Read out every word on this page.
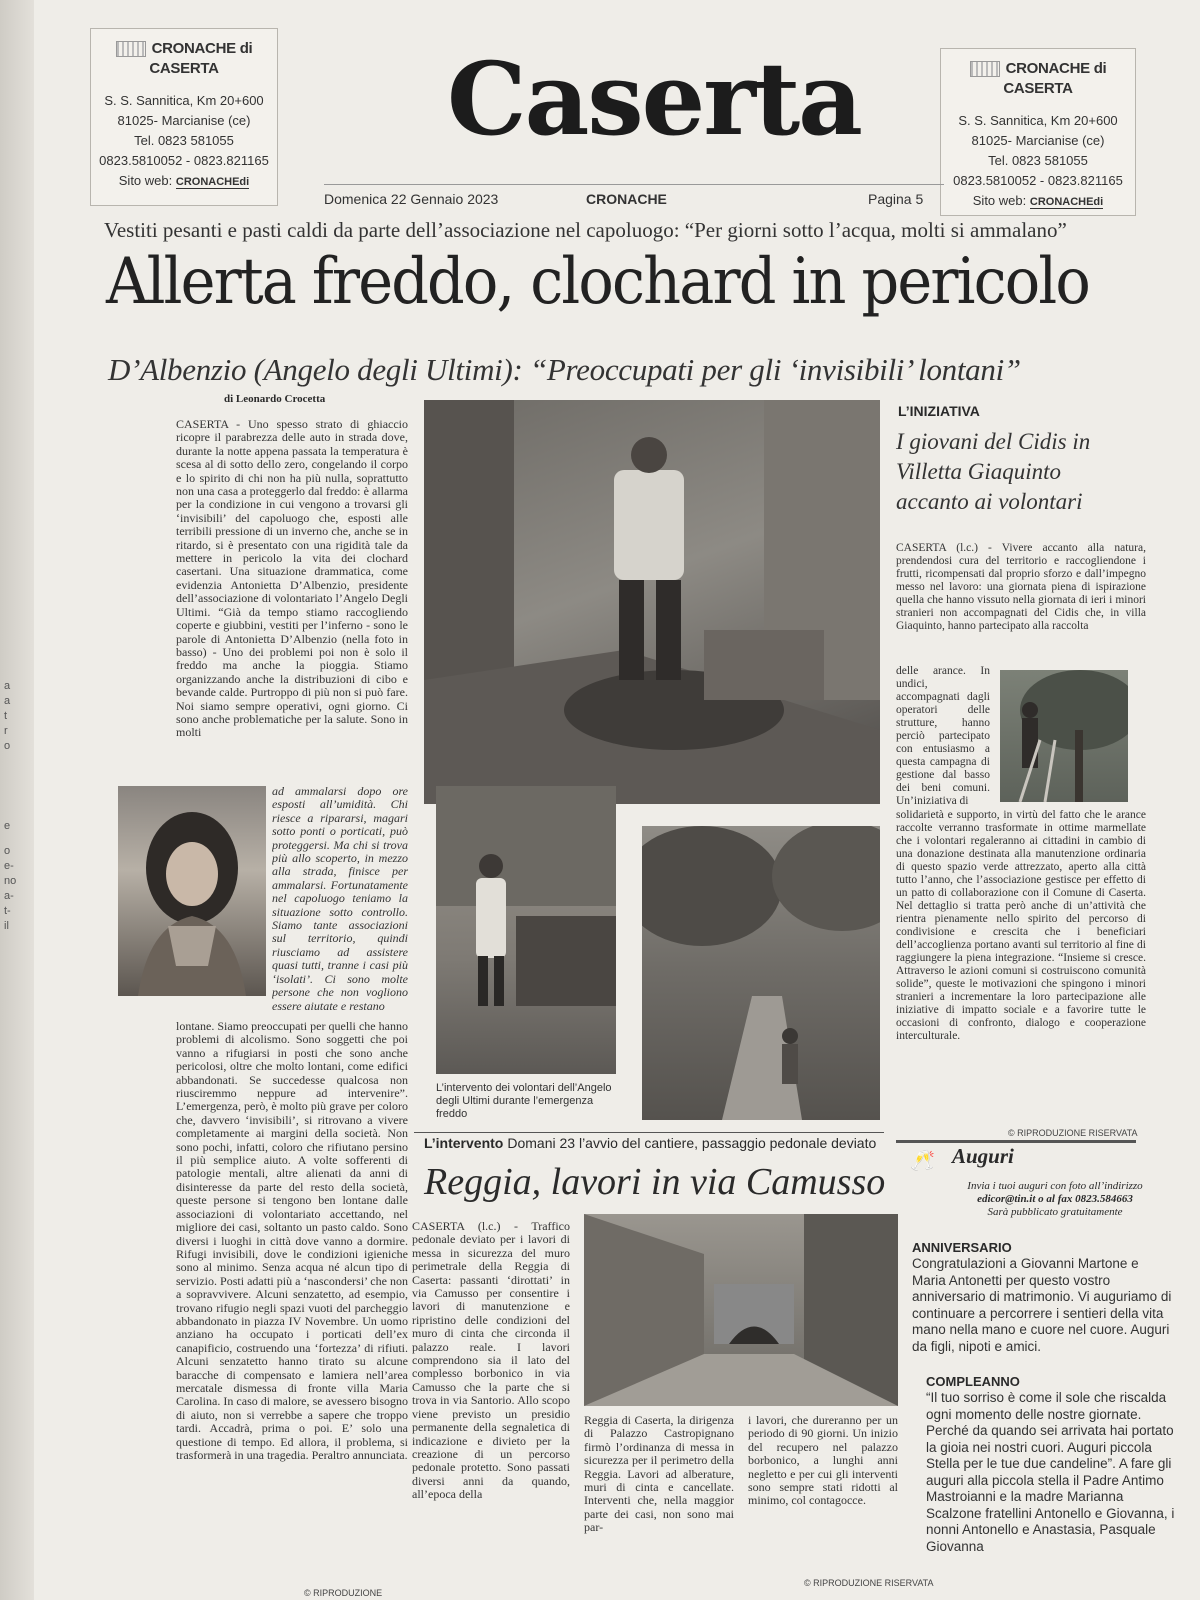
a
a
t
r
o
e
o
e-
no
a-
t-
il
CRONACHE di CASERTA
S. S. Sannitica, Km 20+600
81025- Marcianise (ce)
Tel. 0823 581055
0823.5810052 - 0823.821165
Sito web: CRONACHEdi
CRONACHE di CASERTA
S. S. Sannitica, Km 20+600
81025- Marcianise (ce)
Tel. 0823 581055
0823.5810052 - 0823.821165
Sito web: CRONACHEdi
Caserta
Domenica 22 Gennaio 2023	CRONACHE	Pagina 5
Vestiti pesanti e pasti caldi da parte dell’associazione nel capoluogo: “Per giorni sotto l’acqua, molti si ammalano”
Allerta freddo, clochard in pericolo
D’Albenzio (Angelo degli Ultimi): “Preoccupati per gli ‘invisibili’ lontani”
di Leonardo Crocetta
CASERTA - Uno spesso strato di ghiaccio ricopre il parabrezza delle auto in strada dove, durante la notte appena passata la temperatura è scesa al di sotto dello zero, congelando il corpo e lo spirito di chi non ha più nulla, soprattutto non una casa a proteggerlo dal freddo: è allarma per la condizione in cui vengono a trovarsi gli ‘invisibili’ del capoluogo che, esposti alle terribili pressione di un inverno che, anche se in ritardo, si è presentato con una rigidità tale da mettere in pericolo la vita dei clochard casertani. Una situazione drammatica, come evidenzia Antonietta D’Albenzio, presidente dell’associazione di volontariato l’Angelo Degli Ultimi. “Già da tempo stiamo raccogliendo coperte e giubbini, vestiti per l’inferno - sono le parole di Antonietta D’Albenzio (nella foto in basso) - Uno dei problemi poi non è solo il freddo ma anche la pioggia. Stiamo organizzando anche la distribuzioni di cibo e bevande calde. Purtroppo di più non si può fare. Noi siamo sempre operativi, ogni giorno. Ci sono anche problematiche per la salute. Sono in molti
ad ammalarsi dopo ore esposti all’umidità. Chi riesce a ripararsi, magari sotto ponti o porticati, può proteggersi. Ma chi si trova più allo scoperto, in mezzo alla strada, finisce per ammalarsi. Fortunatamente nel capoluogo teniamo la situazione sotto controllo. Siamo tante associazioni sul territorio, quindi riusciamo ad assistere quasi tutti, tranne i casi più ‘isolati’. Ci sono molte persone che non vogliono essere aiutate e restano
lontane. Siamo preoccupati per quelli che hanno problemi di alcolismo. Sono soggetti che poi vanno a rifugiarsi in posti che sono anche pericolosi, oltre che molto lontani, come edifici abbandonati. Se succedesse qualcosa non riusciremmo neppure ad intervenire”. L’emergenza, però, è molto più grave per coloro che, davvero ‘invisibili’, si ritrovano a vivere completamente ai margini della società. Non sono pochi, infatti, coloro che rifiutano persino il più semplice aiuto. A volte sofferenti di patologie mentali, altre alienati da anni di disinteresse da parte del resto della società, queste persone si tengono ben lontane dalle associazioni di volontariato accettando, nel migliore dei casi, soltanto un pasto caldo. Sono diversi i luoghi in città dove vanno a dormire. Rifugi invisibili, dove le condizioni igieniche sono al minimo. Senza acqua né alcun tipo di servizio. Posti adatti più a ‘nascondersi’ che non a sopravvivere. Alcuni senzatetto, ad esempio, trovano rifugio negli spazi vuoti del parcheggio abbandonato in piazza IV Novembre. Un uomo anziano ha occupato i porticati dell’ex canapificio, costruendo una ‘fortezza’ di rifiuti. Alcuni senzatetto hanno tirato su alcune baracche di compensato e lamiera nell’area mercatale dismessa di fronte villa Maria Carolina. In caso di malore, se avessero bisogno di aiuto, non si verrebbe a sapere che troppo tardi. Accadrà, prima o poi. E’ solo una questione di tempo. Ed allora, il problema, si trasformerà in una tragedia. Peraltro annunciata.
© RIPRODUZIONE
L’intervento dei volontari dell’Angelo degli Ultimi durante l’emergenza freddo
L’INIZIATIVA
I giovani del Cidis in Villetta Giaquinto accanto ai volontari
CASERTA (l.c.) - Vivere accanto alla natura, prendendosi cura del territorio e raccogliendone i frutti, ricompensati dal proprio sforzo e dall’impegno messo nel lavoro: una giornata piena di ispirazione quella che hanno vissuto nella giornata di ieri i minori stranieri non accompagnati del Cidis che, in villa Giaquinto, hanno partecipato alla raccolta
delle arance. In undici, accompagnati dagli operatori delle strutture, hanno perciò partecipato con entusiasmo a questa campagna di gestione dal basso dei beni comuni. Un’iniziativa di
solidarietà e supporto, in virtù del fatto che le arance raccolte verranno trasformate in ottime marmellate che i volontari regaleranno ai cittadini in cambio di una donazione destinata alla manutenzione ordinaria di questo spazio verde attrezzato, aperto alla città tutto l’anno, che l’associazione gestisce per effetto di un patto di collaborazione con il Comune di Caserta. Nel dettaglio si tratta però anche di un’attività che rientra pienamente nello spirito del percorso di condivisione e crescita che i beneficiari dell’accoglienza portano avanti sul territorio al fine di raggiungere la piena integrazione. “Insieme si cresce. Attraverso le azioni comuni si costruiscono comunità solide”, queste le motivazioni che spingono i minori stranieri a incrementare la loro partecipazione alle iniziative di impatto sociale e a favorire tutte le occasioni di confronto, dialogo e cooperazione interculturale.
© RIPRODUZIONE RISERVATA
L’intervento Domani 23 l’avvio del cantiere, passaggio pedonale deviato
Reggia, lavori in via Camusso
CASERTA (l.c.) - Traffico pedonale deviato per i lavori di messa in sicurezza del muro perimetrale della Reggia di Caserta: passanti ‘dirottati’ in via Camusso per consentire i lavori di manutenzione e ripristino delle condizioni del muro di cinta che circonda il palazzo reale. I lavori comprendono sia il lato del complesso borbonico in via Camusso che la parte che si trova in via Santorio. Allo scopo viene previsto un presidio permanente della segnaletica di indicazione e divieto per la creazione di un percorso pedonale protetto. Sono passati diversi anni da quando, all’epoca della
Reggia di Caserta, la dirigenza di Palazzo Castropignano firmò l’ordinanza di messa in sicurezza per il perimetro della Reggia. Lavori ad alberature, muri di cinta e cancellate. Interventi che, nella maggior parte dei casi, non sono mai par-
i lavori, che dureranno per un periodo di 90 giorni. Un inizio del recupero nel palazzo borbonico, a lunghi anni negletto e per cui gli interventi sono sempre stati ridotti al minimo, col contagocce.
© RIPRODUZIONE RISERVATA
🥂 Auguri
Invia i tuoi auguri con foto all’indirizzo
edicor@tin.it o al fax 0823.584663
Sarà pubblicato gratuitamente
ANNIVERSARIO
Congratulazioni a Giovanni Martone e Maria Antonetti per questo vostro anniversario di matrimonio. Vi auguriamo di continuare a percorrere i sentieri della vita mano nella mano e cuore nel cuore. Auguri da figli, nipoti e amici.
COMPLEANNO
“Il tuo sorriso è come il sole che riscalda ogni momento delle nostre giornate. Perché da quando sei arrivata hai portato la gioia nei nostri cuori. Auguri piccola Stella per le tue due candeline”. A fare gli auguri alla piccola stella il Padre Antimo Mastroianni e la madre Marianna Scalzone fratellini Antonello e Giovanna, i nonni Antonello e Anastasia, Pasquale Giovanna
